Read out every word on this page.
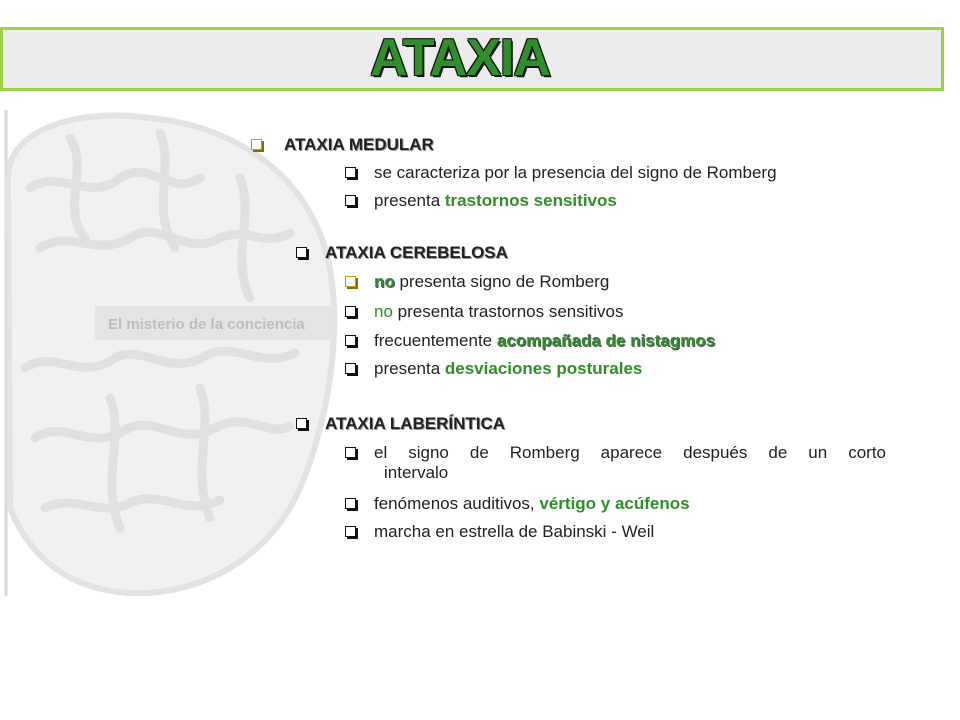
ATAXIA
El misterio de la conciencia
ATAXIA MEDULAR
se caracteriza por la presencia del signo de Romberg
presenta trastornos sensitivos
ATAXIA CEREBELOSA
no presenta signo de Romberg
no presenta trastornos sensitivos
frecuentemente acompañada de nistagmos
presenta desviaciones posturales
ATAXIA LABERÍNTICA
el signo de Romberg aparece después de un corto
intervalo
fenómenos auditivos, vértigo y acúfenos
marcha en estrella de Babinski - Weil
